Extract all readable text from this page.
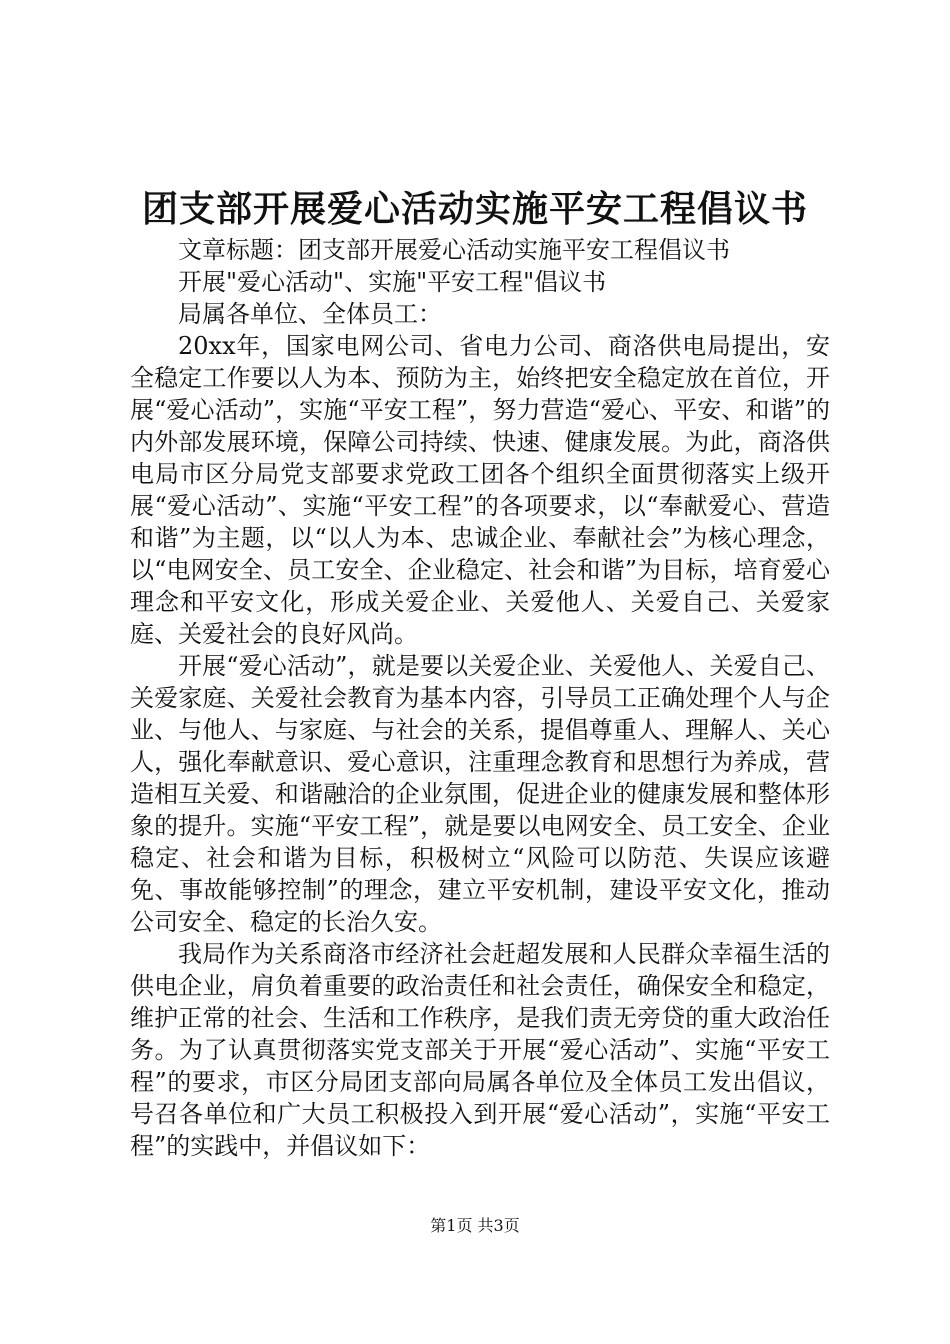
团支部开展爱心活动实施平安工程倡议书

文章标题：团支部开展爱心活动实施平安工程倡议书

开展"爱心活动"、实施"平安工程"倡议书

局属各单位、全体员工：

20xx年，国家电网公司、省电力公司、商洛供电局提出，安全稳定工作要以人为本、预防为主，始终把安全稳定放在首位，开展“爱心活动”，实施“平安工程”，努力营造“爱心、平安、和谐”的内外部发展环境，保障公司持续、快速、健康发展。为此，商洛供电局市区分局党支部要求党政工团各个组织全面贯彻落实上级开展“爱心活动”、实施“平安工程”的各项要求，以“奉献爱心、营造和谐”为主题，以“以人为本、忠诚企业、奉献社会”为核心理念，以“电网安全、员工安全、企业稳定、社会和谐”为目标，培育爱心理念和平安文化，形成关爱企业、关爱他人、关爱自己、关爱家庭、关爱社会的良好风尚。

开展“爱心活动”，就是要以关爱企业、关爱他人、关爱自己、关爱家庭、关爱社会教育为基本内容，引导员工正确处理个人与企业、与他人、与家庭、与社会的关系，提倡尊重人、理解人、关心人，强化奉献意识、爱心意识，注重理念教育和思想行为养成，营造相互关爱、和谐融洽的企业氛围，促进企业的健康发展和整体形象的提升。实施“平安工程”，就是要以电网安全、员工安全、企业稳定、社会和谐为目标，积极树立“风险可以防范、失误应该避免、事故能够控制”的理念，建立平安机制，建设平安文化，推动公司安全、稳定的长治久安。

我局作为关系商洛市经济社会赶超发展和人民群众幸福生活的供电企业，肩负着重要的政治责任和社会责任，确保安全和稳定，维护正常的社会、生活和工作秩序，是我们责无旁贷的重大政治任务。为了认真贯彻落实党支部关于开展“爱心活动”、实施“平安工程”的要求，市区分局团支部向局属各单位及全体员工发出倡议，号召各单位和广大员工积极投入到开展“爱心活动”，实施“平安工程”的实践中，并倡议如下：

第1页 共3页
